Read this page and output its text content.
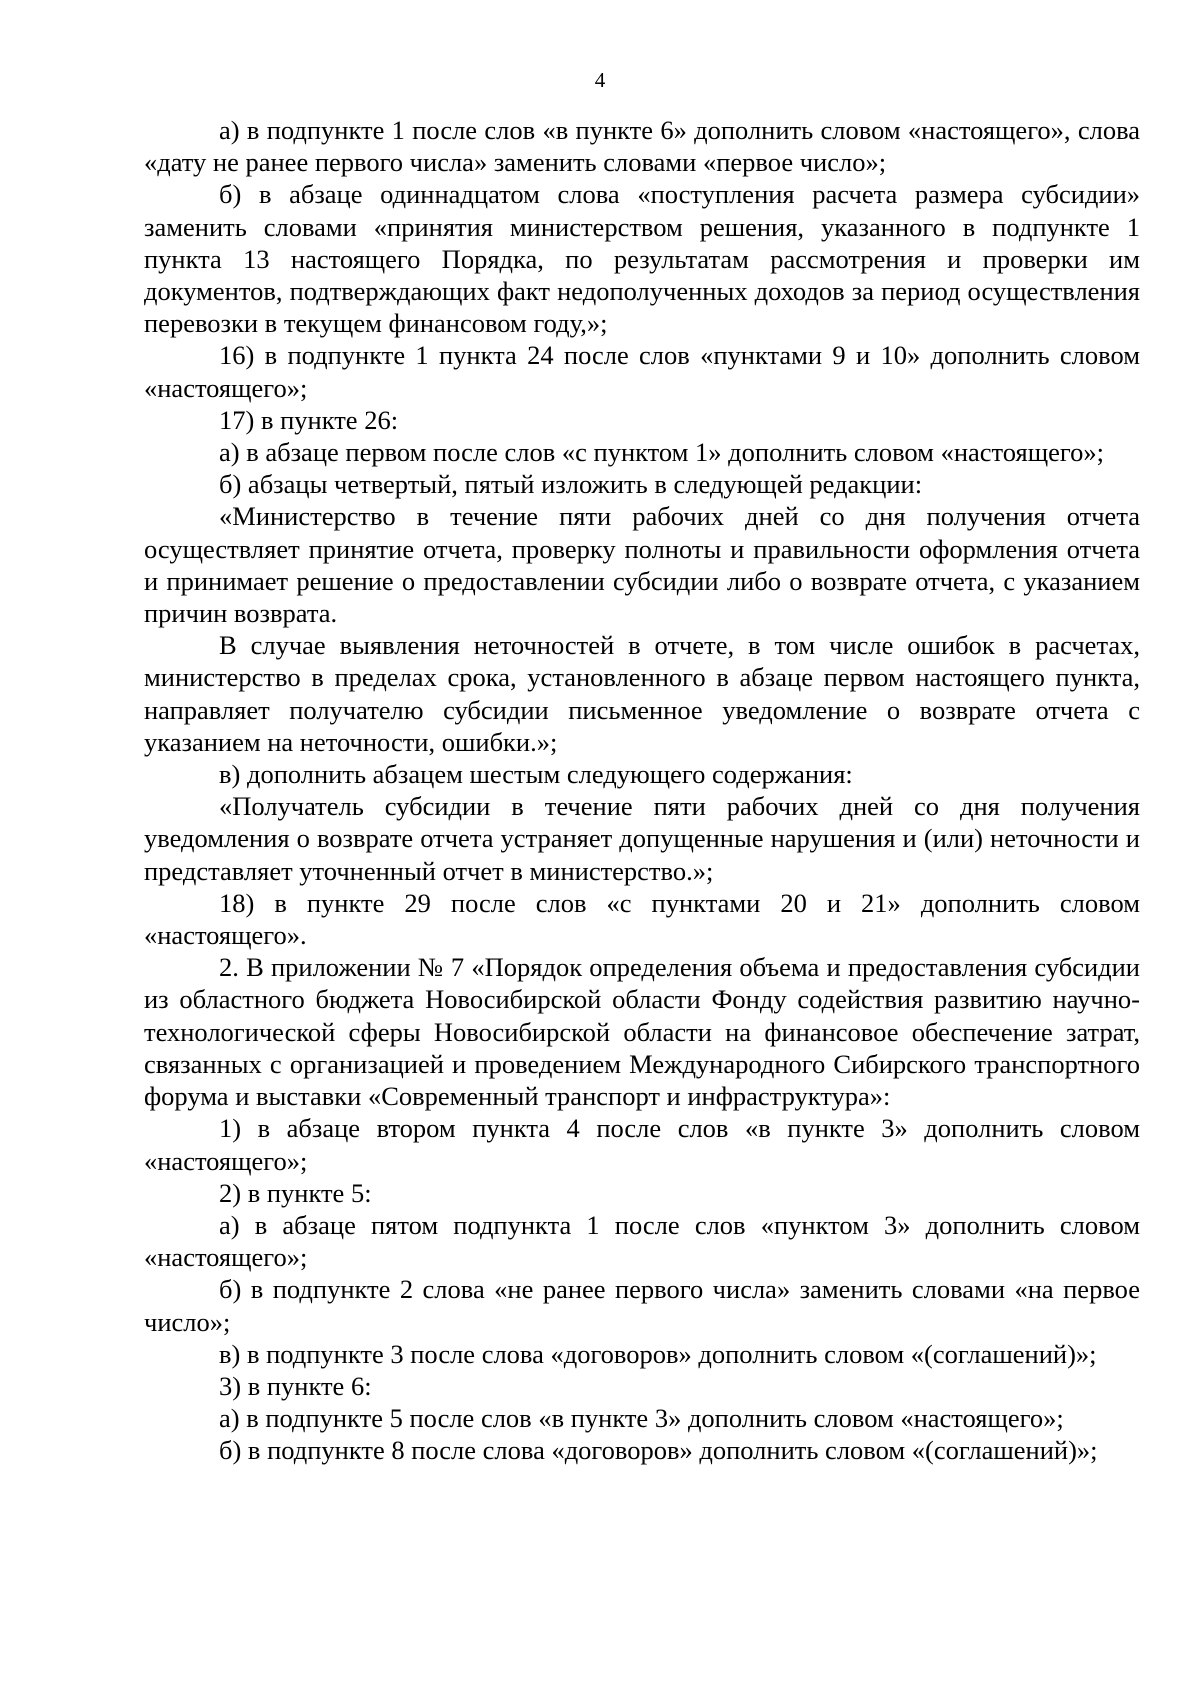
4

а) в подпункте 1 после слов «в пункте 6» дополнить словом «настоящего», слова «дату не ранее первого числа» заменить словами «первое число»;

б) в абзаце одиннадцатом слова «поступления расчета размера субсидии» заменить словами «принятия министерством решения, указанного в подпункте 1 пункта 13 настоящего Порядка, по результатам рассмотрения и проверки им документов, подтверждающих факт недополученных доходов за период осуществления перевозки в текущем финансовом году,»;

16) в подпункте 1 пункта 24 после слов «пунктами 9 и 10» дополнить словом «настоящего»;

17) в пункте 26:

а) в абзаце первом после слов «с пунктом 1» дополнить словом «настоящего»;

б) абзацы четвертый, пятый изложить в следующей редакции:

«Министерство в течение пяти рабочих дней со дня получения отчета осуществляет принятие отчета, проверку полноты и правильности оформления отчета и принимает решение о предоставлении субсидии либо о возврате отчета, с указанием причин возврата.

В случае выявления неточностей в отчете, в том числе ошибок в расчетах, министерство в пределах срока, установленного в абзаце первом настоящего пункта, направляет получателю субсидии письменное уведомление о возврате отчета с указанием на неточности, ошибки.»;

в) дополнить абзацем шестым следующего содержания:

«Получатель субсидии в течение пяти рабочих дней со дня получения уведомления о возврате отчета устраняет допущенные нарушения и (или) неточности и представляет уточненный отчет в министерство.»;

18) в пункте 29 после слов «с пунктами 20 и 21» дополнить словом «настоящего».

2. В приложении № 7 «Порядок определения объема и предоставления субсидии из областного бюджета Новосибирской области Фонду содействия развитию научно-технологической сферы Новосибирской области на финансовое обеспечение затрат, связанных с организацией и проведением Международного Сибирского транспортного форума и выставки «Современный транспорт и инфраструктура»:

1) в абзаце втором пункта 4 после слов «в пункте 3» дополнить словом «настоящего»;

2) в пункте 5:

а) в абзаце пятом подпункта 1 после слов «пунктом 3» дополнить словом «настоящего»;

б) в подпункте 2 слова «не ранее первого числа» заменить словами «на первое число»;

в) в подпункте 3 после слова «договоров» дополнить словом «(соглашений)»;

3) в пункте 6:

а) в подпункте 5 после слов «в пункте 3» дополнить словом «настоящего»;

б) в подпункте 8 после слова «договоров» дополнить словом «(соглашений)»;
